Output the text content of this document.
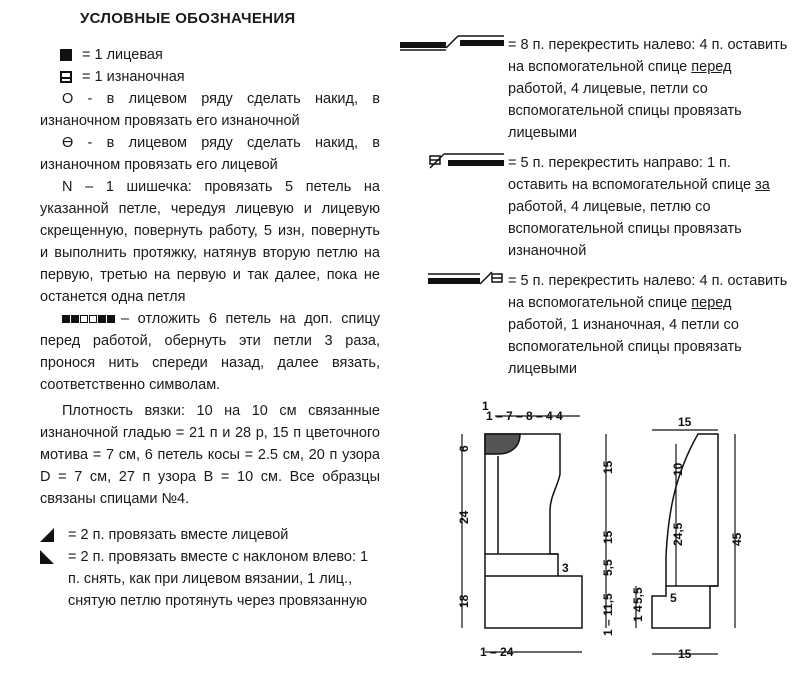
УСЛОВНЫЕ ОБОЗНАЧЕНИЯ
= 1 лицевая
= 1 изнаночная

О - в лицевом ряду сделать накид, в изнаночном провязать его изнаночной

Ө - в лицевом ряду сделать накид, в изнаночном провязать его лицевой

N – 1 шишечка: провязать 5 петель на указанной петле, чередуя лицевую и лицевую скрещенную, повернуть работу, 5 изн, повернуть и выполнить протяжку, натянув вторую петлю на первую, третью на первую и так далее, пока не останется одна петля

– отложить 6 петель на доп. спицу перед работой, обернуть эти петли 3 раза, пронося нить спереди назад, далее вязать, соответственно символам.

Плотность вязки: 10 на 10 см связанные изнаночной гладью = 21 п и 28 р, 15 п цветочного мотива = 7 см, 6 петель косы = 2.5 см, 20 п узора D = 7 см, 27 п узора B = 10 см. Все образцы связаны спицами №4.

= 2 п. провязать вместе лицевой
= 2 п. провязать вместе с наклоном влево: 1 п. снять, как при лицевом вязании, 1 лиц., снятую петлю протянуть через провязанную
= 8 п. перекрестить налево: 4 п. оставить на вспомогательной спице перед работой, 4 лицевые, петли со вспомогательной спицы провязать лицевыми
= 5 п. перекрестить направо: 1 п. оставить на вспомогательной спице за работой, 4 лицевые, петлю со вспомогательной спицы провязать изнаночной
= 5 п. перекрестить налево: 4 п. оставить на вспомогательной спице перед работой, 1 изнаночная, 4 петли со вспомогательной спицы провязать лицевыми
1
1 – 7 – 8 – 4 4
6
24
18
15
15
5,5
1 – 11,5
3
1 – 24
15
10
24,5	45
1 4
5,5 5
15
